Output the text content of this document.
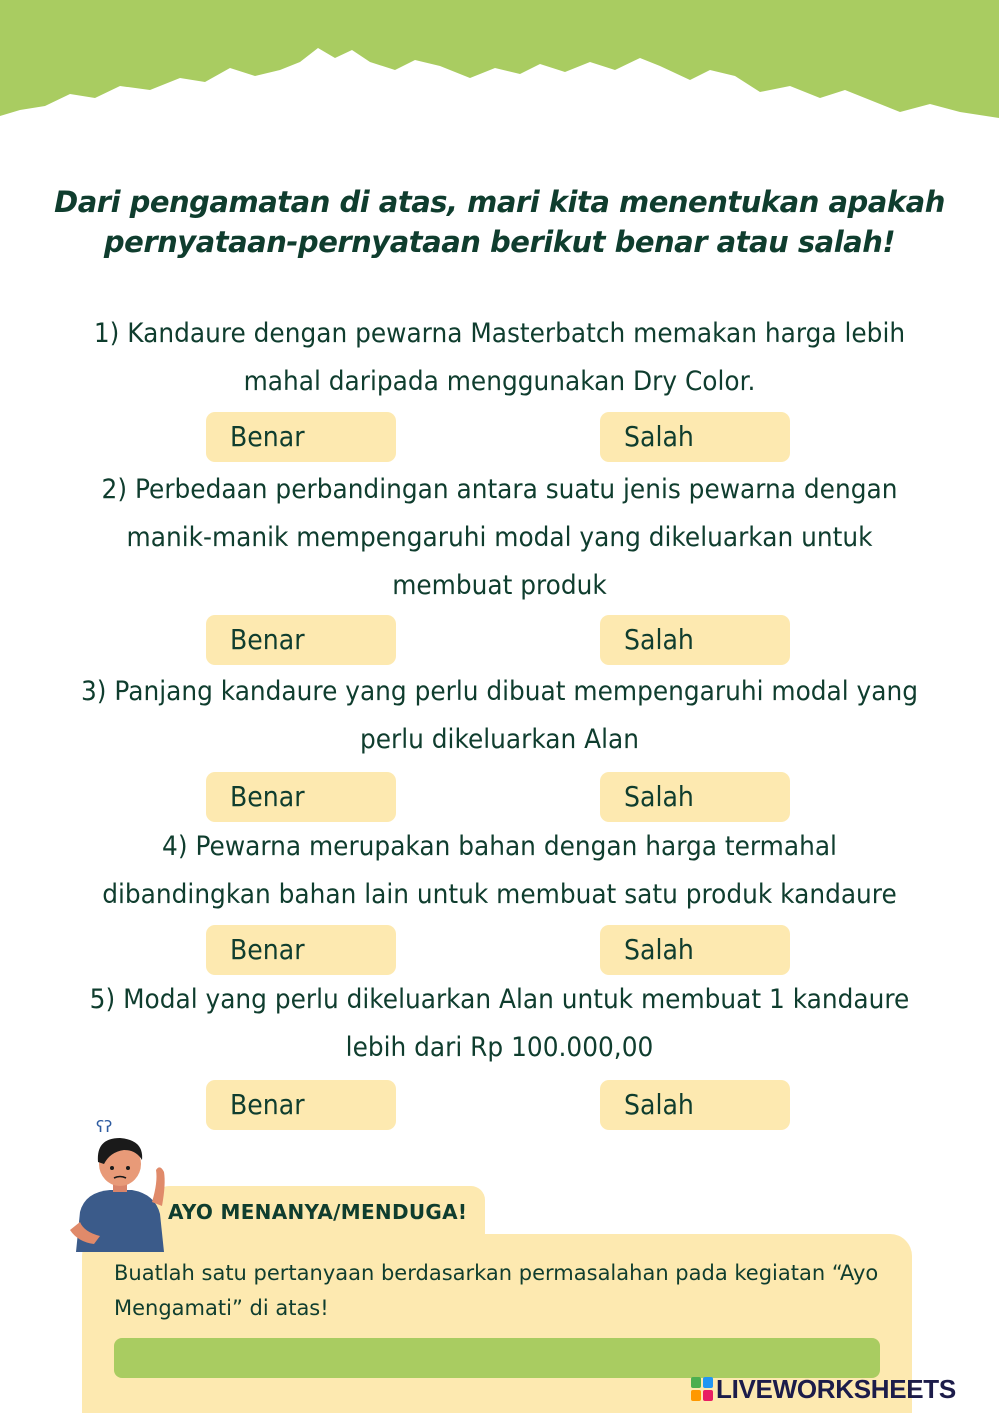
Dari pengamatan di atas, mari kita menentukan apakah pernyataan-pernyataan berikut benar atau salah!
1) Kandaure dengan pewarna Masterbatch memakan harga lebih mahal daripada menggunakan Dry Color.
Benar	Salah
2) Perbedaan perbandingan antara suatu jenis pewarna dengan manik-manik mempengaruhi modal yang dikeluarkan untuk membuat produk
Benar	Salah
3) Panjang kandaure yang perlu dibuat mempengaruhi modal yang perlu dikeluarkan Alan
Benar	Salah
4) Pewarna merupakan bahan dengan harga termahal dibandingkan bahan lain untuk membuat satu produk kandaure
Benar	Salah
5) Modal yang perlu dikeluarkan Alan untuk membuat 1 kandaure lebih dari Rp 100.000,00
Benar	Salah
ʕʔ
AYO MENANYA/MENDUGA!
Buatlah satu pertanyaan berdasarkan permasalahan pada kegiatan “Ayo Mengamati” di atas!
LIVEWORKSHEETS
